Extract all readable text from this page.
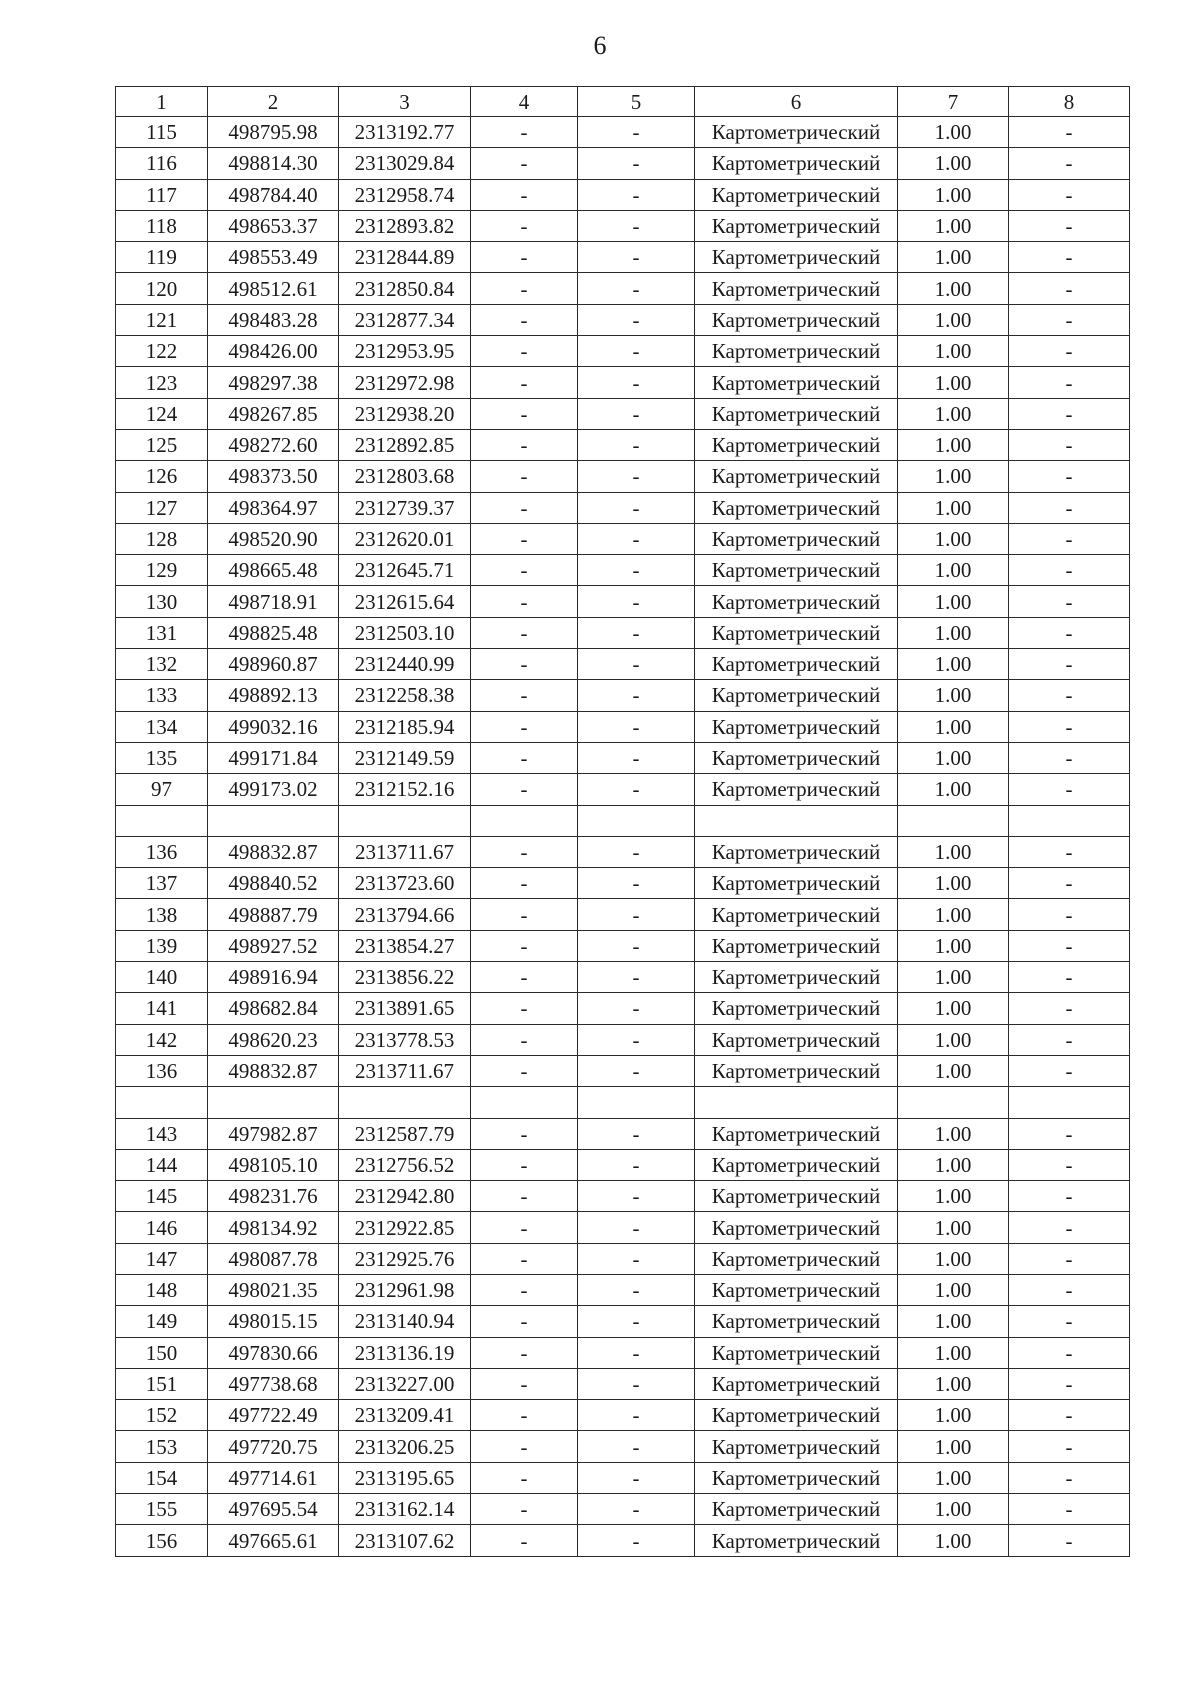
6
1	2	3	4	5	6	7	8
115	498795.98	2313192.77	-	-	Картометрический	1.00	-
116	498814.30	2313029.84	-	-	Картометрический	1.00	-
117	498784.40	2312958.74	-	-	Картометрический	1.00	-
118	498653.37	2312893.82	-	-	Картометрический	1.00	-
119	498553.49	2312844.89	-	-	Картометрический	1.00	-
120	498512.61	2312850.84	-	-	Картометрический	1.00	-
121	498483.28	2312877.34	-	-	Картометрический	1.00	-
122	498426.00	2312953.95	-	-	Картометрический	1.00	-
123	498297.38	2312972.98	-	-	Картометрический	1.00	-
124	498267.85	2312938.20	-	-	Картометрический	1.00	-
125	498272.60	2312892.85	-	-	Картометрический	1.00	-
126	498373.50	2312803.68	-	-	Картометрический	1.00	-
127	498364.97	2312739.37	-	-	Картометрический	1.00	-
128	498520.90	2312620.01	-	-	Картометрический	1.00	-
129	498665.48	2312645.71	-	-	Картометрический	1.00	-
130	498718.91	2312615.64	-	-	Картометрический	1.00	-
131	498825.48	2312503.10	-	-	Картометрический	1.00	-
132	498960.87	2312440.99	-	-	Картометрический	1.00	-
133	498892.13	2312258.38	-	-	Картометрический	1.00	-
134	499032.16	2312185.94	-	-	Картометрический	1.00	-
135	499171.84	2312149.59	-	-	Картометрический	1.00	-
97	499173.02	2312152.16	-	-	Картометрический	1.00	-

136	498832.87	2313711.67	-	-	Картометрический	1.00	-
137	498840.52	2313723.60	-	-	Картометрический	1.00	-
138	498887.79	2313794.66	-	-	Картометрический	1.00	-
139	498927.52	2313854.27	-	-	Картометрический	1.00	-
140	498916.94	2313856.22	-	-	Картометрический	1.00	-
141	498682.84	2313891.65	-	-	Картометрический	1.00	-
142	498620.23	2313778.53	-	-	Картометрический	1.00	-
136	498832.87	2313711.67	-	-	Картометрический	1.00	-

143	497982.87	2312587.79	-	-	Картометрический	1.00	-
144	498105.10	2312756.52	-	-	Картометрический	1.00	-
145	498231.76	2312942.80	-	-	Картометрический	1.00	-
146	498134.92	2312922.85	-	-	Картометрический	1.00	-
147	498087.78	2312925.76	-	-	Картометрический	1.00	-
148	498021.35	2312961.98	-	-	Картометрический	1.00	-
149	498015.15	2313140.94	-	-	Картометрический	1.00	-
150	497830.66	2313136.19	-	-	Картометрический	1.00	-
151	497738.68	2313227.00	-	-	Картометрический	1.00	-
152	497722.49	2313209.41	-	-	Картометрический	1.00	-
153	497720.75	2313206.25	-	-	Картометрический	1.00	-
154	497714.61	2313195.65	-	-	Картометрический	1.00	-
155	497695.54	2313162.14	-	-	Картометрический	1.00	-
156	497665.61	2313107.62	-	-	Картометрический	1.00	-
